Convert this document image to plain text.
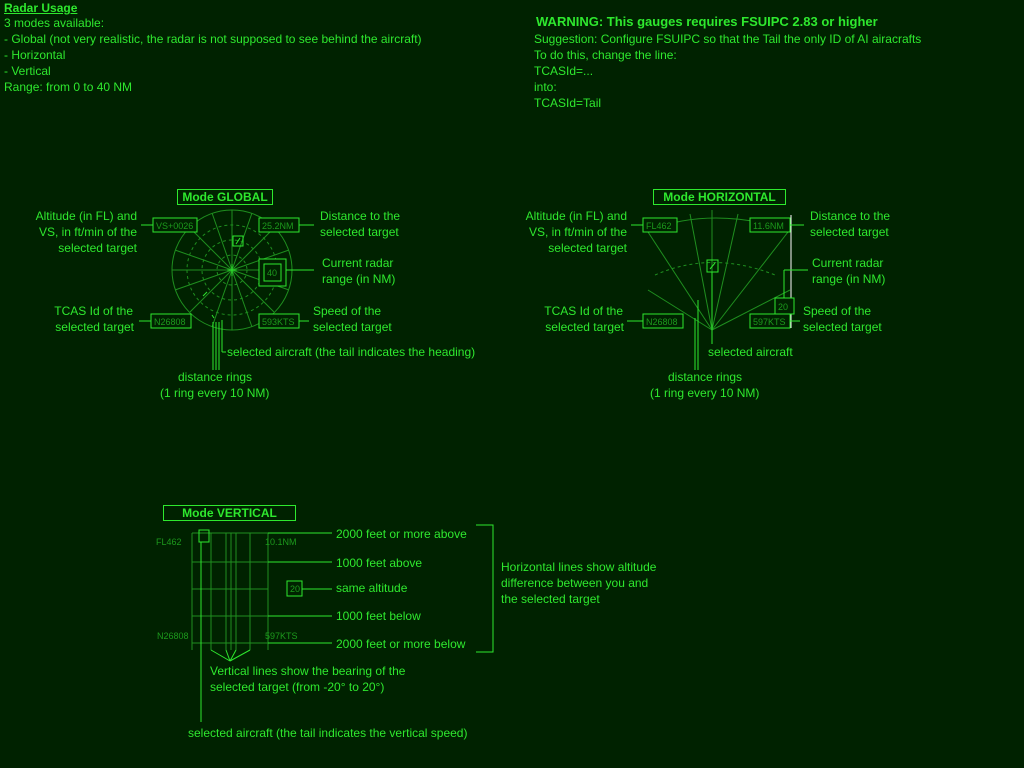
Radar Usage
3 modes available:
- Global (not very realistic, the radar is not supposed to see behind the aircraft)
- Horizontal
- Vertical
Range: from 0 to 40 NM
WARNING: This gauges requires FSUIPC 2.83 or higher
Suggestion: Configure FSUIPC so that the Tail the only ID of AI airacrafts
To do this, change the line:
TCASId=...
into:
TCASId=Tail
VS+0026	25.2NM
40
N26808	593KTS
FL462	11.6NM
20
N26808	597KTS
FL462	10.1NM
20
N26808	597KTS
Mode GLOBAL
Altitude (in FL) and
VS, in ft/min of the
selected target
Distance to the
selected target
Current radar
range (in NM)
TCAS Id of the
selected target
Speed of the
selected target
selected aircraft (the tail indicates the heading)
distance rings
(1 ring every 10 NM)
Mode HORIZONTAL
Altitude (in FL) and
VS, in ft/min of the
selected target
Distance to the
selected target
Current radar
range (in NM)
TCAS Id of the
selected target
Speed of the
selected target
selected aircraft
distance rings
(1 ring every 10 NM)
Mode VERTICAL
2000 feet or more above
1000 feet above
same altitude
1000 feet below
2000 feet or more below
Horizontal lines show altitude
difference between you and
the selected target
Vertical lines show the bearing of the
selected target (from -20° to 20°)
selected aircraft (the tail indicates the vertical speed)
